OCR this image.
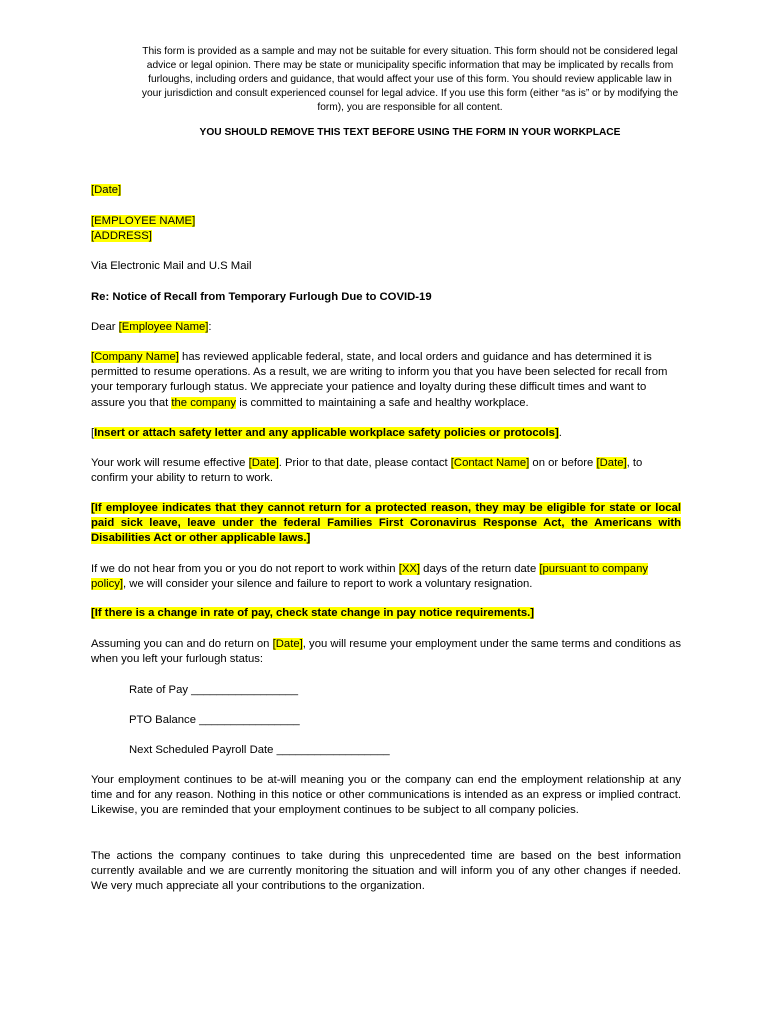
This form is provided as a sample and may not be suitable for every situation. This form should not be considered legal advice or legal opinion. There may be state or municipality specific information that may be implicated by recalls from furloughs, including orders and guidance, that would affect your use of this form. You should review applicable law in your jurisdiction and consult experienced counsel for legal advice. If you use this form (either “as is” or by modifying the form), you are responsible for all content.
YOU SHOULD REMOVE THIS TEXT BEFORE USING THE FORM IN YOUR WORKPLACE
[Date]
[EMPLOYEE NAME]
[ADDRESS]
Via Electronic Mail and U.S Mail
Re: Notice of Recall from Temporary Furlough Due to COVID-19
Dear [Employee Name]:
[Company Name] has reviewed applicable federal, state, and local orders and guidance and has determined it is permitted to resume operations. As a result, we are writing to inform you that you have been selected for recall from your temporary furlough status. We appreciate your patience and loyalty during these difficult times and want to assure you that the company is committed to maintaining a safe and healthy workplace.
[Insert or attach safety letter and any applicable workplace safety policies or protocols].
Your work will resume effective [Date]. Prior to that date, please contact [Contact Name] on or before [Date], to confirm your ability to return to work.
[If employee indicates that they cannot return for a protected reason, they may be eligible for state or local paid sick leave, leave under the federal Families First Coronavirus Response Act, the Americans with Disabilities Act or other applicable laws.]
If we do not hear from you or you do not report to work within [XX] days of the return date [pursuant to company policy], we will consider your silence and failure to report to work a voluntary resignation.
[If there is a change in rate of pay, check state change in pay notice requirements.]
Assuming you can and do return on [Date], you will resume your employment under the same terms and conditions as when you left your furlough status:
Rate of Pay _________________
PTO Balance ________________
Next Scheduled Payroll Date __________________
Your employment continues to be at-will meaning you or the company can end the employment relationship at any time and for any reason. Nothing in this notice or other communications is intended as an express or implied contract. Likewise, you are reminded that your employment continues to be subject to all company policies.
The actions the company continues to take during this unprecedented time are based on the best information currently available and we are currently monitoring the situation and will inform you of any other changes if needed. We very much appreciate all your contributions to the organization.
